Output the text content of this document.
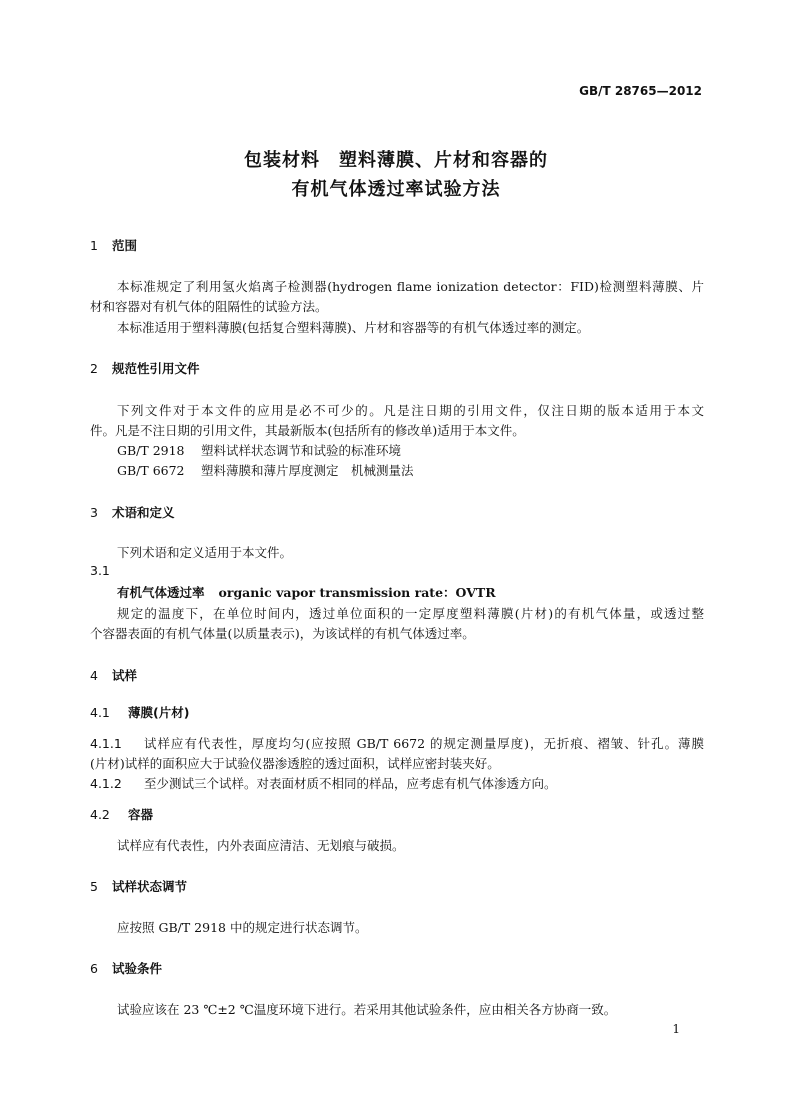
GB/T 28765—2012
包装材料　塑料薄膜、片材和容器的
有机气体透过率试验方法
1 范围
本标准规定了利用氢火焰离子检测器(hydrogen flame ionization detector：FID)检测塑料薄膜、片
材和容器对有机气体的阻隔性的试验方法。
本标准适用于塑料薄膜(包括复合塑料薄膜)、片材和容器等的有机气体透过率的测定。
2 规范性引用文件
下列文件对于本文件的应用是必不可少的。凡是注日期的引用文件，仅注日期的版本适用于本文
件。凡是不注日期的引用文件，其最新版本(包括所有的修改单)适用于本文件。
GB/T 2918 塑料试样状态调节和试验的标准环境
GB/T 6672 塑料薄膜和薄片厚度测定　机械测量法
3 术语和定义
下列术语和定义适用于本文件。
3.1
有机气体透过率 organic vapor transmission rate：OVTR
规定的温度下，在单位时间内，透过单位面积的一定厚度塑料薄膜(片材)的有机气体量，或透过整
个容器表面的有机气体量(以质量表示)，为该试样的有机气体透过率。
4 试样
4.1 薄膜(片材)
4.1.1 试样应有代表性，厚度均匀(应按照 GB/T 6672 的规定测量厚度)，无折痕、褶皱、针孔。薄膜
(片材)试样的面积应大于试验仪器渗透腔的透过面积，试样应密封装夹好。
4.1.2 至少测试三个试样。对表面材质不相同的样品，应考虑有机气体渗透方向。
4.2 容器
试样应有代表性，内外表面应清洁、无划痕与破损。
5 试样状态调节
应按照 GB/T 2918 中的规定进行状态调节。
6 试验条件
试验应该在 23 ℃±2 ℃温度环境下进行。若采用其他试验条件，应由相关各方协商一致。
1
